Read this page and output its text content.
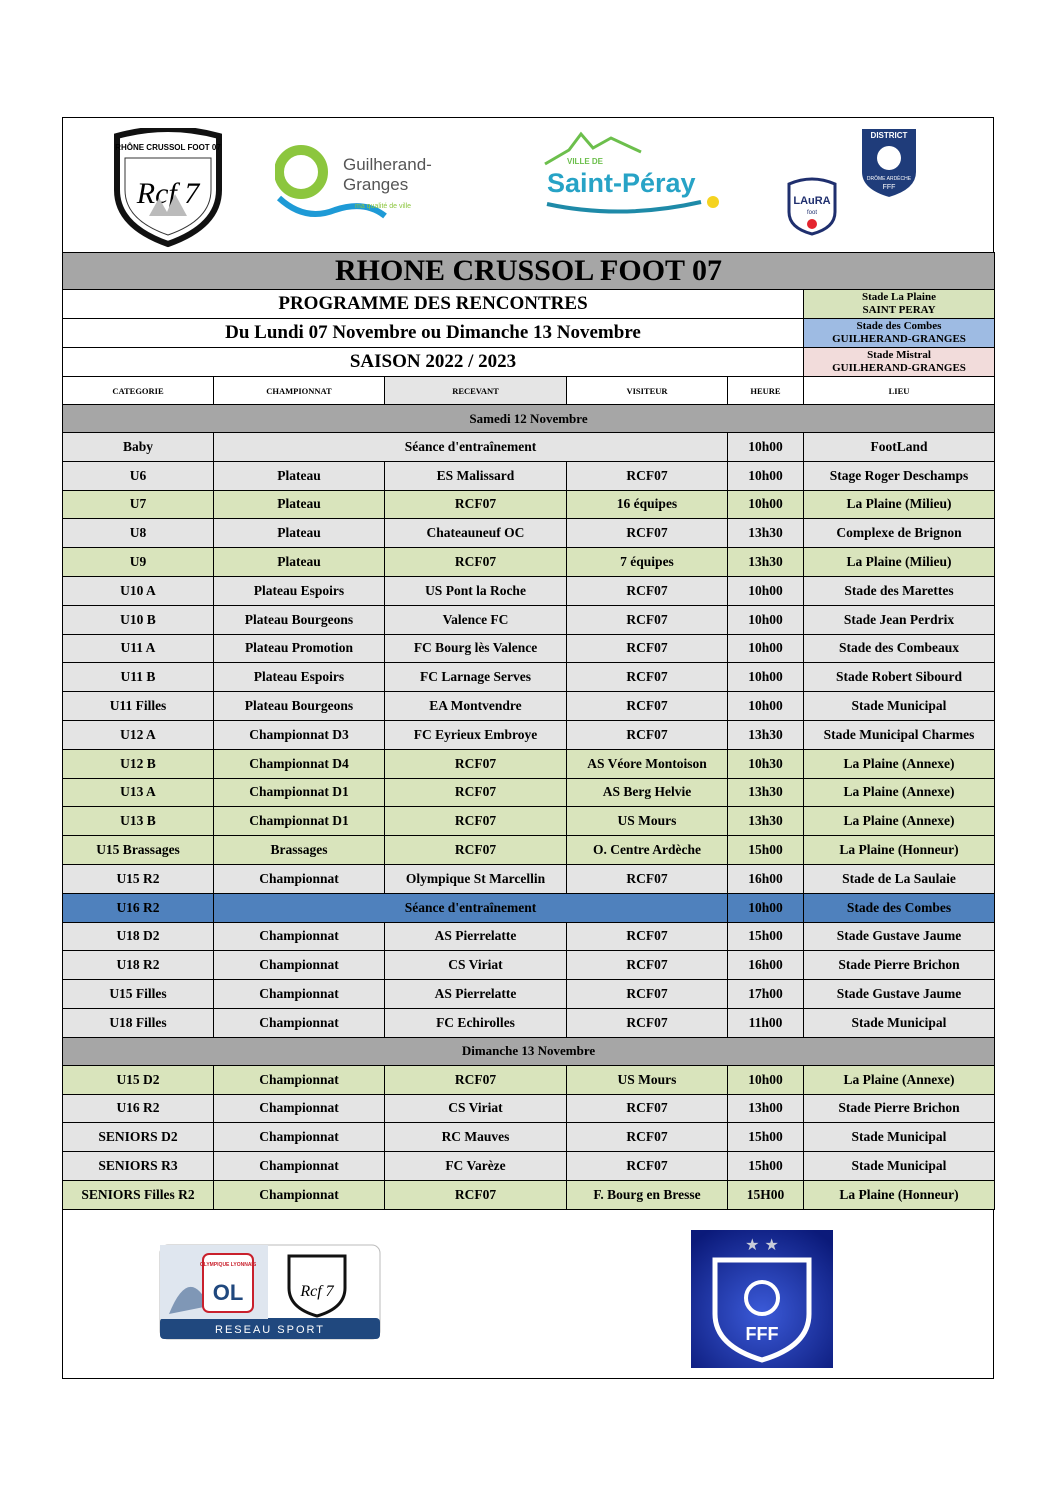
RHÔNE CRUSSOL FOOT 07
Rcf 7
Guilherand-
Granges
ma qualité de ville
VILLE DE
Saint-Péray
LAuRA
foot
DISTRICT
DRÔME ARDÈCHE
FFF
RHONE CRUSSOL FOOT 07					
PROGRAMME DES RENCONTRES					Stade La Plaine
SAINT PERAY

Du Lundi 07 Novembre ou Dimanche 13 Novembre					Stade des Combes
GUILHERAND-GRANGES

SAISON 2022 / 2023					Stade Mistral
GUILHERAND-GRANGES

CATEGORIE	CHAMPIONNAT	RECEVANT	VISITEUR	HEURE	LIEU
Samedi 12 Novembre					
Baby	Séance d'entraînement			10h00	FootLand
U6	Plateau	ES Malissard	RCF07	10h00	Stage Roger Deschamps
U7	Plateau	RCF07	16 équipes	10h00	La Plaine (Milieu)
U8	Plateau	Chateauneuf OC	RCF07	13h30	Complexe de Brignon
U9	Plateau	RCF07	7 équipes	13h30	La Plaine (Milieu)
U10 A	Plateau Espoirs	US Pont la Roche	RCF07	10h00	Stade des Marettes
U10 B	Plateau Bourgeons	Valence FC	RCF07	10h00	Stade Jean Perdrix
U11 A	Plateau Promotion	FC Bourg lès Valence	RCF07	10h00	Stade des Combeaux
U11 B	Plateau Espoirs	FC Larnage Serves	RCF07	10h00	Stade Robert Sibourd
U11 Filles	Plateau Bourgeons	EA Montvendre	RCF07	10h00	Stade Municipal
U12 A	Championnat D3	FC Eyrieux Embroye	RCF07	13h30	Stade Municipal Charmes
U12 B	Championnat D4	RCF07	AS Véore Montoison	10h30	La Plaine (Annexe)
U13 A	Championnat D1	RCF07	AS Berg Helvie	13h30	La Plaine (Annexe)
U13 B	Championnat D1	RCF07	US Mours	13h30	La Plaine (Annexe)
U15 Brassages	Brassages	RCF07	O. Centre Ardèche	15h00	La Plaine (Honneur)
U15 R2	Championnat	Olympique St Marcellin	RCF07	16h00	Stade de La Saulaie
U16 R2	Séance d'entraînement			10h00	Stade des Combes
U18 D2	Championnat	AS Pierrelatte	RCF07	15h00	Stade Gustave Jaume
U18 R2	Championnat	CS Viriat	RCF07	16h00	Stade Pierre Brichon
U15 Filles	Championnat	AS Pierrelatte	RCF07	17h00	Stade Gustave Jaume
U18 Filles	Championnat	FC Echirolles	RCF07	11h00	Stade Municipal
Dimanche 13 Novembre					
U15 D2	Championnat	RCF07	US Mours	10h00	La Plaine (Annexe)
U16 R2	Championnat	CS Viriat	RCF07	13h00	Stade Pierre Brichon
SENIORS D2	Championnat	RC Mauves	RCF07	15h00	Stade Municipal
SENIORS R3	Championnat	FC Varèze	RCF07	15h00	Stade Municipal
SENIORS Filles R2	Championnat	RCF07	F. Bourg en Bresse	15H00	La Plaine (Honneur)
OLYMPIQUE LYONNAIS
OL	Rcf 7
RESEAU SPORT
★ ★
FFF
